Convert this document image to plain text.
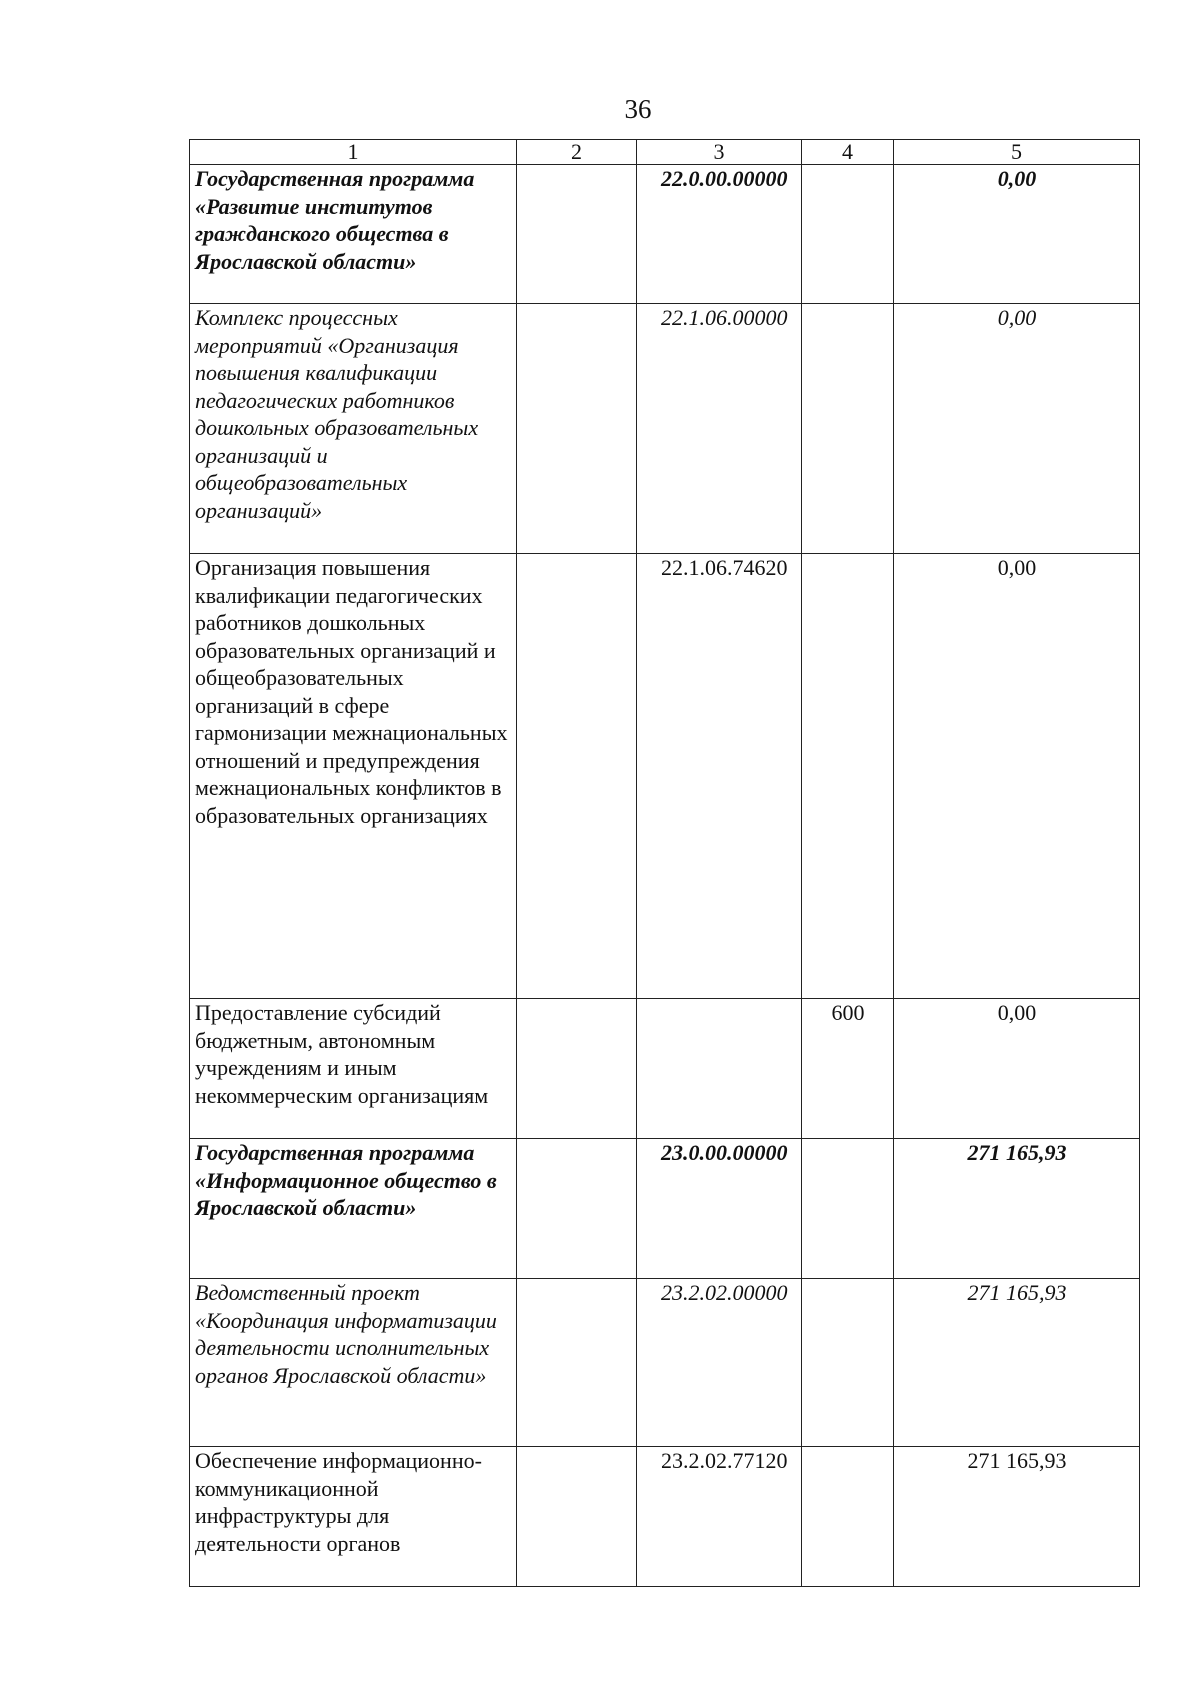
36
1	2	3	4	5
Государственная программа «Развитие институтов гражданского общества в Ярославской области»		22.0.00.00000		0,00
Комплекс процессных мероприятий «Организация повышения квалификации педагогических работников дошкольных образовательных организаций и общеобразовательных организаций»		22.1.06.00000		0,00
Организация повышения квалификации педагогических работников дошкольных образовательных организаций и общеобразовательных организаций в сфере гармонизации межнациональных отношений и предупреждения межнациональных конфликтов в образовательных организациях		22.1.06.74620		0,00
Предоставление субсидий бюджетным, автономным учреждениям и иным некоммерческим организациям			600	0,00
Государственная программа «Информационное общество в Ярославской области»		23.0.00.00000		271 165,93
Ведомственный проект «Координация информатизации деятельности исполнительных органов Ярославской области»		23.2.02.00000		271 165,93
Обеспечение информационно-коммуникационной инфраструктуры для деятельности органов		23.2.02.77120		271 165,93
